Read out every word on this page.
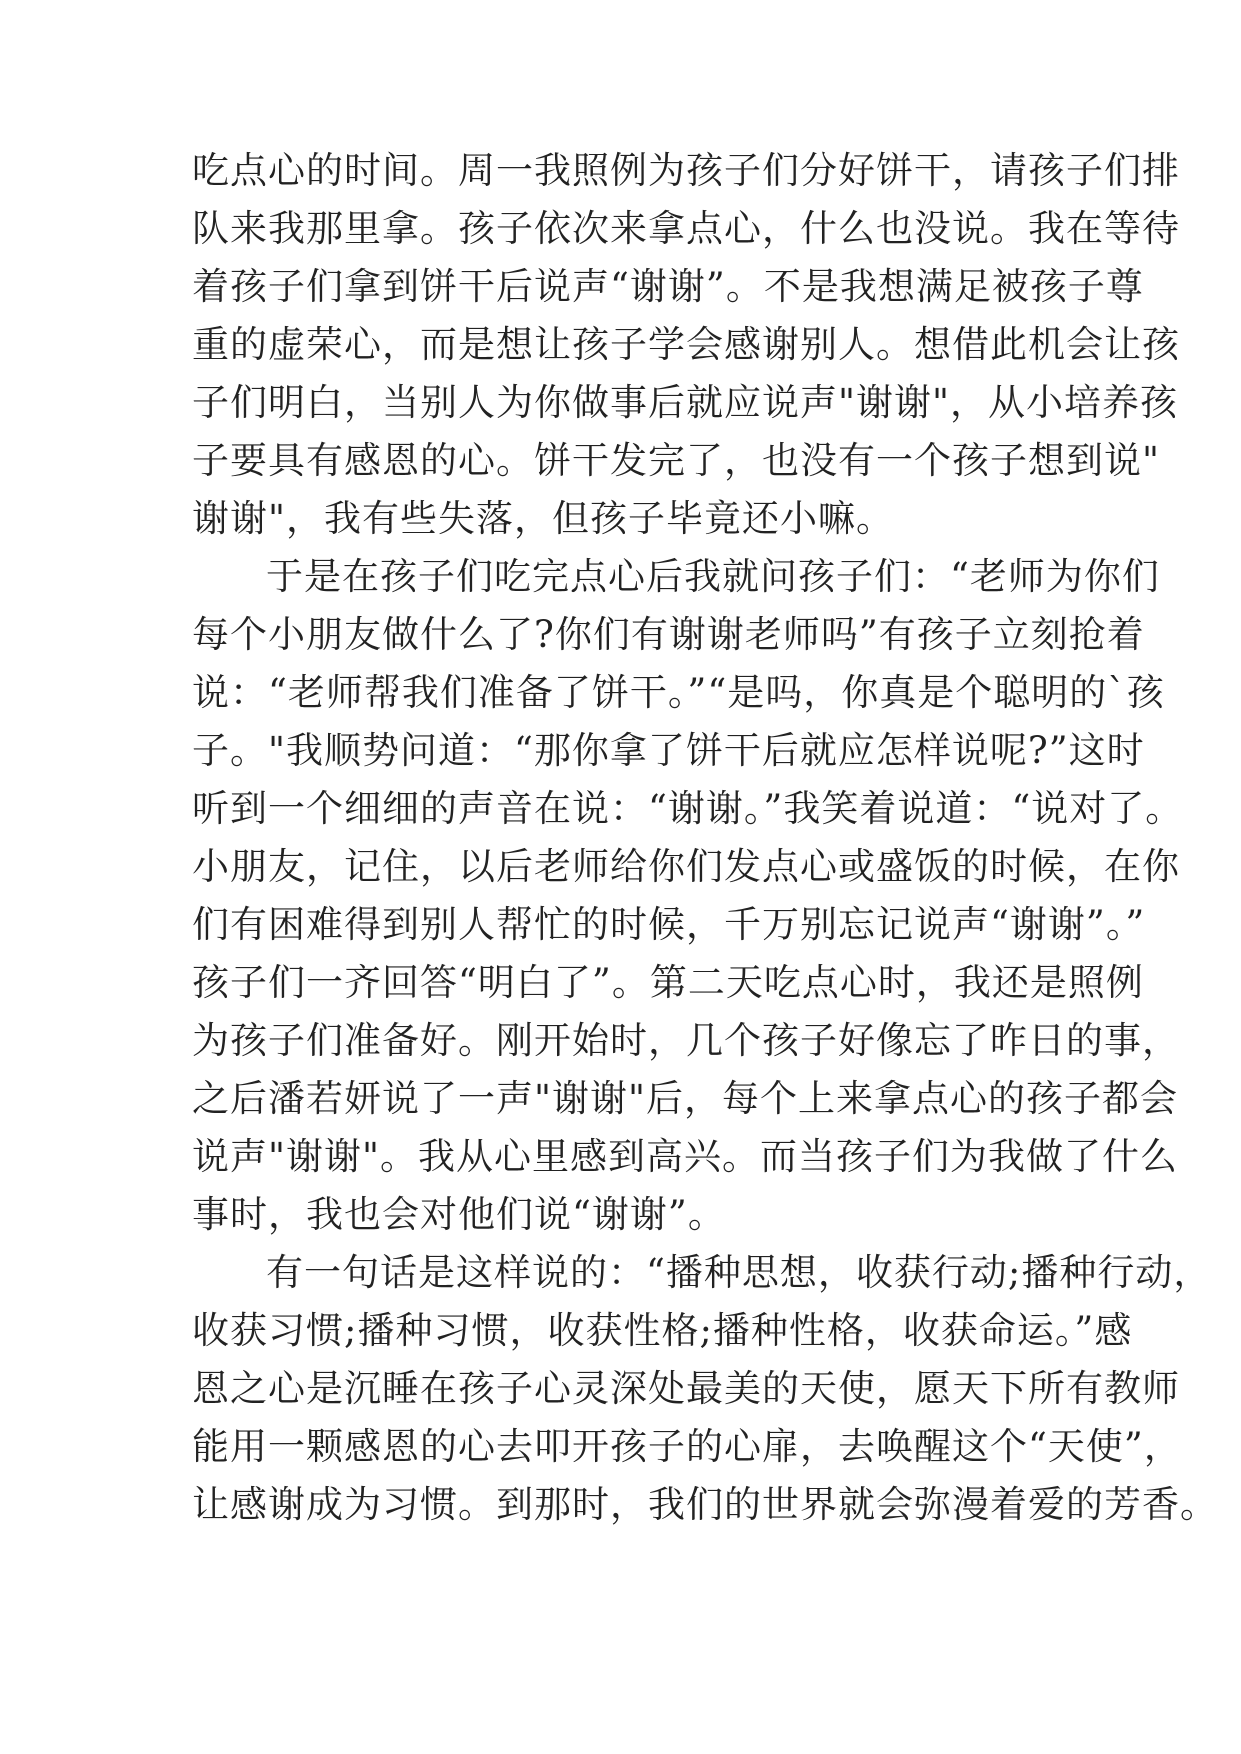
吃点心的时间。周一我照例为孩子们分好饼干，请孩子们排
队来我那里拿。孩子依次来拿点心，什么也没说。我在等待
着孩子们拿到饼干后说声“谢谢”。不是我想满足被孩子尊
重的虚荣心，而是想让孩子学会感谢别人。想借此机会让孩
子们明白，当别人为你做事后就应说声"谢谢"，从小培养孩
子要具有感恩的心。饼干发完了，也没有一个孩子想到说"
谢谢"，我有些失落，但孩子毕竟还小嘛。
于是在孩子们吃完点心后我就问孩子们：“老师为你们
每个小朋友做什么了?你们有谢谢老师吗”有孩子立刻抢着
说：“老师帮我们准备了饼干。”“是吗，你真是个聪明的`孩
子。"我顺势问道：“那你拿了饼干后就应怎样说呢?”这时
听到一个细细的声音在说：“谢谢。”我笑着说道：“说对了。
小朋友，记住，以后老师给你们发点心或盛饭的时候，在你
们有困难得到别人帮忙的时候，千万别忘记说声“谢谢”。”
孩子们一齐回答“明白了”。第二天吃点心时，我还是照例
为孩子们准备好。刚开始时，几个孩子好像忘了昨日的事，
之后潘若妍说了一声"谢谢"后，每个上来拿点心的孩子都会
说声"谢谢"。我从心里感到高兴。而当孩子们为我做了什么
事时，我也会对他们说“谢谢”。
有一句话是这样说的：“播种思想，收获行动;播种行动，
收获习惯;播种习惯，收获性格;播种性格，收获命运。”感
恩之心是沉睡在孩子心灵深处最美的天使，愿天下所有教师
能用一颗感恩的心去叩开孩子的心扉，去唤醒这个“天使”，
让感谢成为习惯。到那时，我们的世界就会弥漫着爱的芳香。
